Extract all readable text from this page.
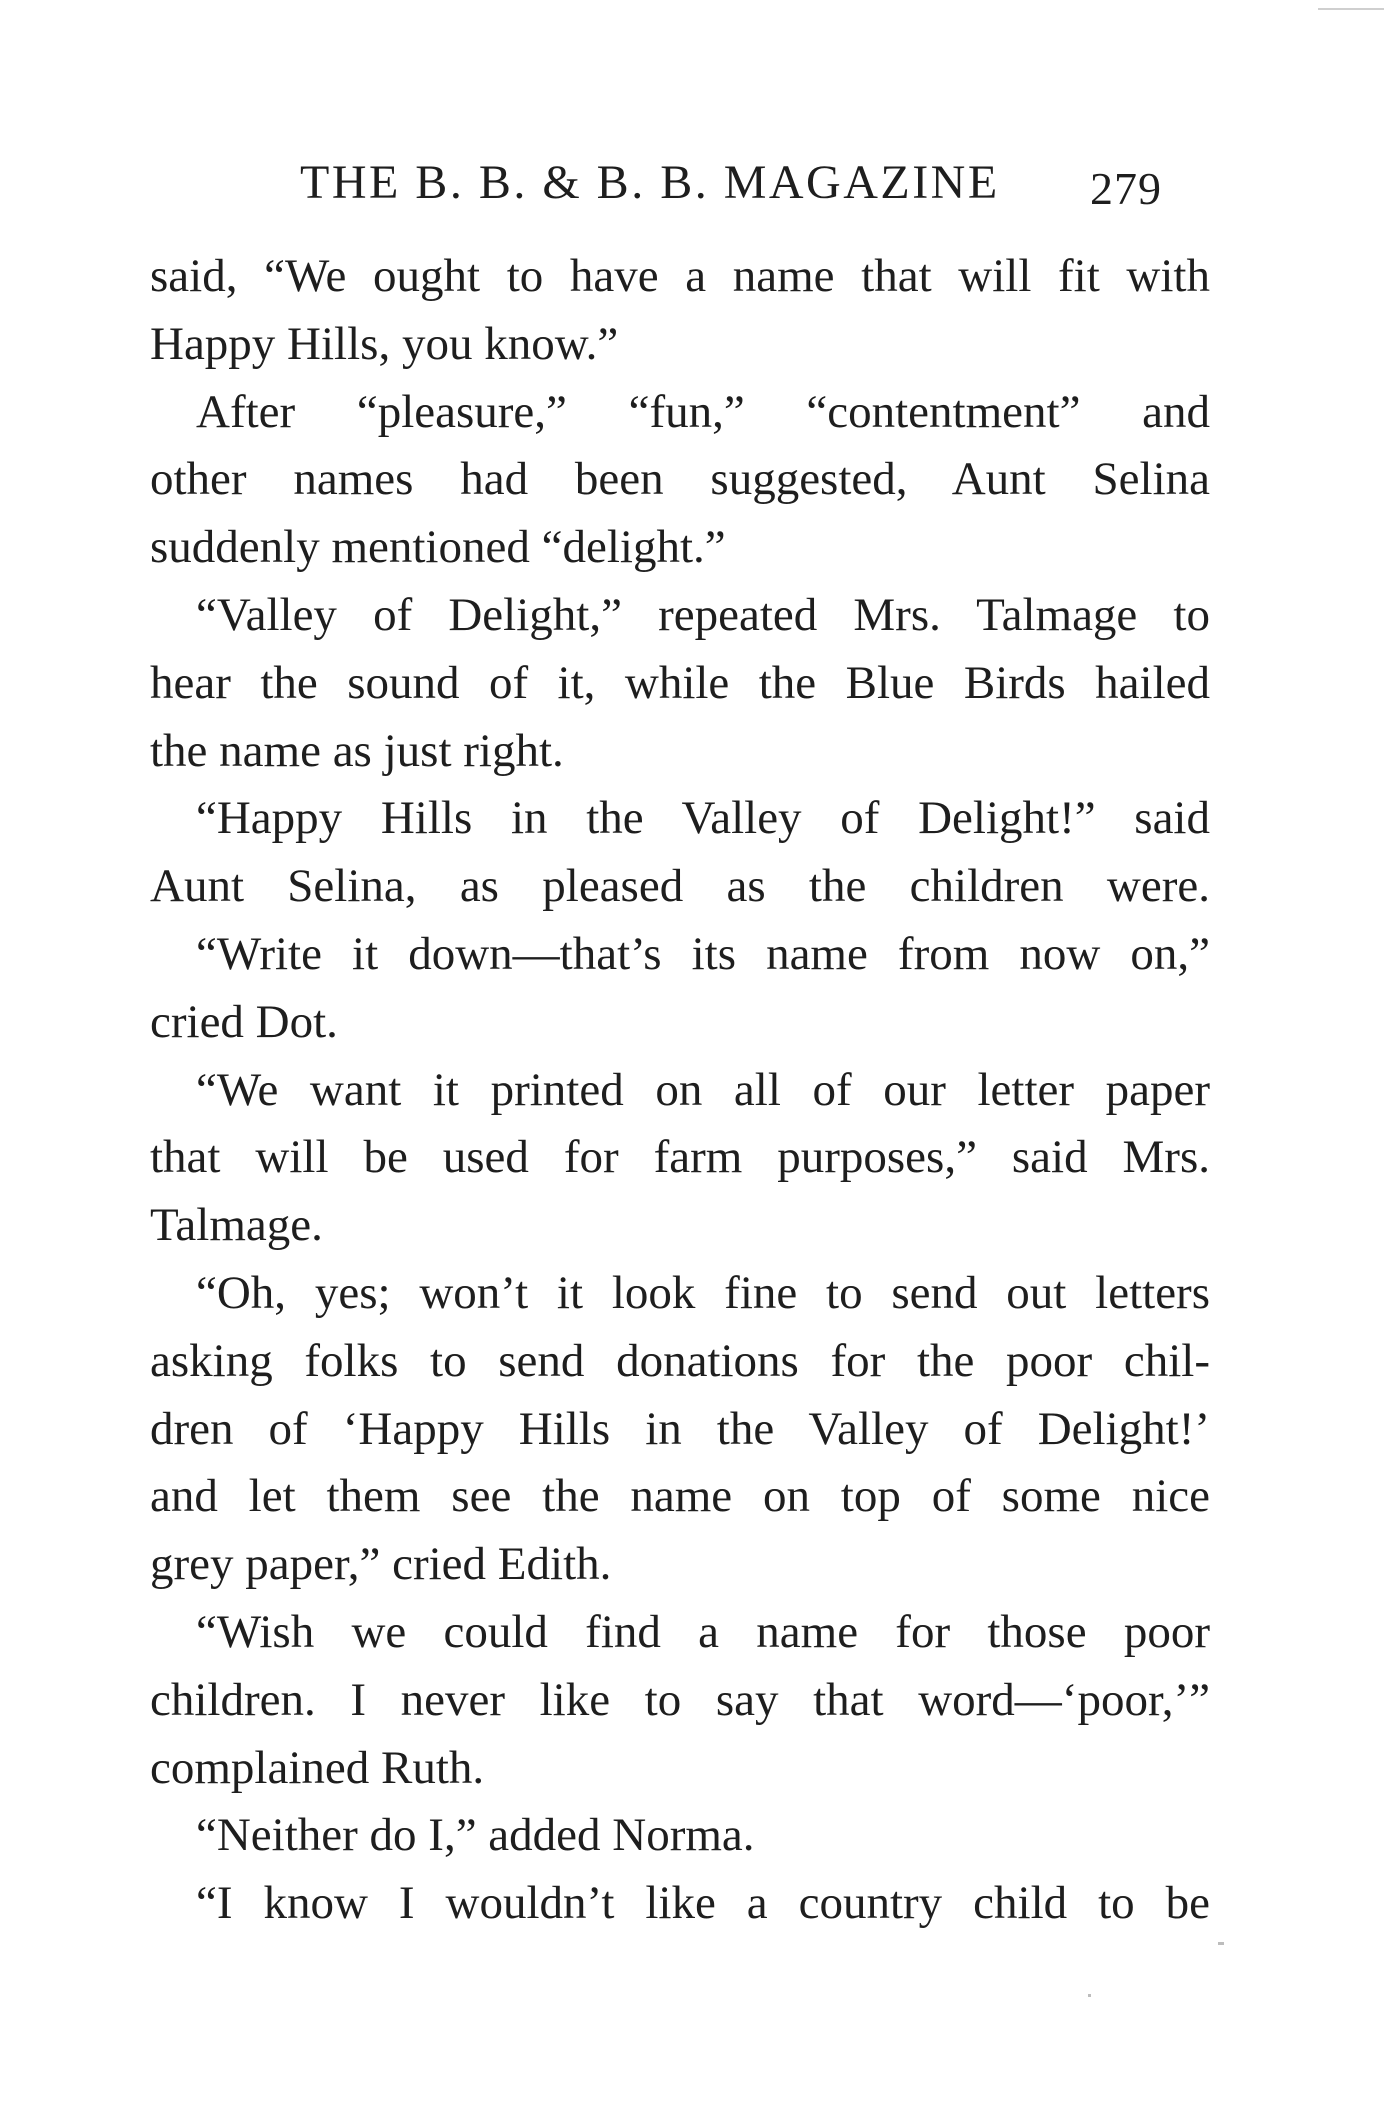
THE B. B. & B. B. MAGAZINE 279
said, “We ought to have a name that will fit with
Happy Hills, you know.”
After “pleasure,” “fun,” “contentment” and
other names had been suggested, Aunt Selina
suddenly mentioned “delight.”
“Valley of Delight,” repeated Mrs. Talmage to
hear the sound of it, while the Blue Birds hailed
the name as just right.
“Happy Hills in the Valley of Delight!” said
Aunt Selina, as pleased as the children were.
“Write it down—that’s its name from now on,”
cried Dot.
“We want it printed on all of our letter paper
that will be used for farm purposes,” said Mrs.
Talmage.
“Oh, yes; won’t it look fine to send out letters
asking folks to send donations for the poor chil-
dren of ‘Happy Hills in the Valley of Delight!’
and let them see the name on top of some nice
grey paper,” cried Edith.
“Wish we could find a name for those poor
children. I never like to say that word—‘poor,’”
complained Ruth.
“Neither do I,” added Norma.
“I know I wouldn’t like a country child to be
